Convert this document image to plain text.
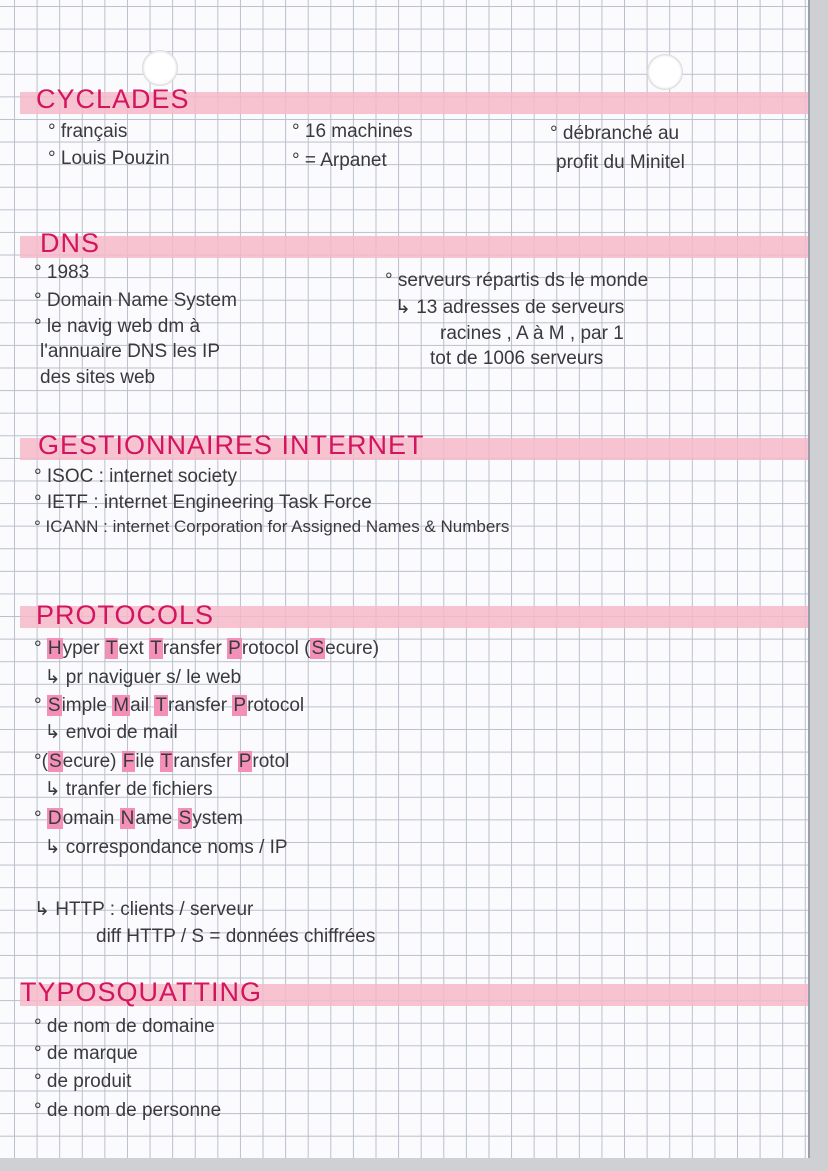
CYCLADES
° français
° Louis Pouzin
° 16 machines
° = Arpanet
° débranché au
profit du Minitel
DNS
° 1983
° Domain Name System
° le navig web dm à
l'annuaire DNS les IP
des sites web
° serveurs répartis ds le monde
↳ 13 adresses de serveurs
racines , A à M , par 1
tot de 1006 serveurs
GESTIONNAIRES INTERNET
° ISOC : internet society
° IETF : internet Engineering Task Force
° ICANN : internet Corporation for Assigned Names & Numbers
PROTOCOLS
° Hyper Text Transfer Protocol (Secure)
↳ pr naviguer s/ le web
° Simple Mail Transfer Protocol
↳ envoi de mail
°(Secure) File Transfer Protol
↳ tranfer de fichiers
° Domain Name System
↳ correspondance noms / IP
↳ HTTP : clients / serveur
diff HTTP / S = données chiffrées
TYPOSQUATTING
° de nom de domaine
° de marque
° de produit
° de nom de personne
